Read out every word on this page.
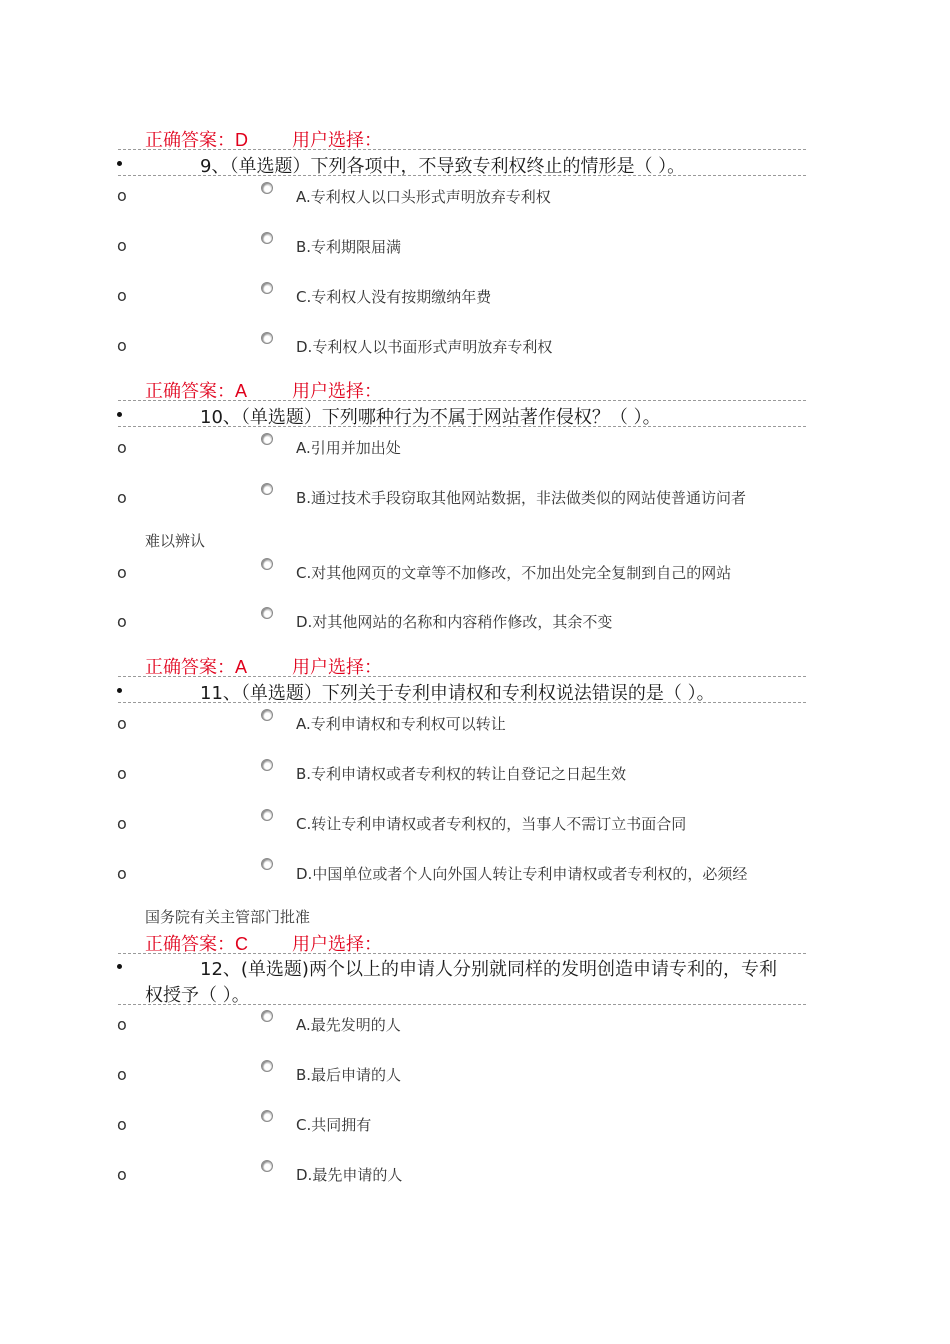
正确答案：D 用户选择：
9、（单选题）下列各项中，不导致专利权终止的情形是（ ）。
o	A.专利权人以口头形式声明放弃专利权
o	B.专利期限届满
o	C.专利权人没有按期缴纳年费
o	D.专利权人以书面形式声明放弃专利权
正确答案：A 用户选择：
10、（单选题）下列哪种行为不属于网站著作侵权？（ ）。
o	A.引用并加出处
o	B.通过技术手段窃取其他网站数据，非法做类似的网站使普通访问者
难以辨认
o	C.对其他网页的文章等不加修改，不加出处完全复制到自己的网站
o	D.对其他网站的名称和内容稍作修改，其余不变
正确答案：A 用户选择：
11、（单选题）下列关于专利申请权和专利权说法错误的是（ ）。
o	A.专利申请权和专利权可以转让
o	B.专利申请权或者专利权的转让自登记之日起生效
o	C.转让专利申请权或者专利权的，当事人不需订立书面合同
o	D.中国单位或者个人向外国人转让专利申请权或者专利权的，必须经
国务院有关主管部门批准
正确答案：C 用户选择：
12、(单选题)两个以上的申请人分别就同样的发明创造申请专利的，专利
权授予（ ）。
o	A.最先发明的人
o	B.最后申请的人
o	C.共同拥有
o	D.最先申请的人
